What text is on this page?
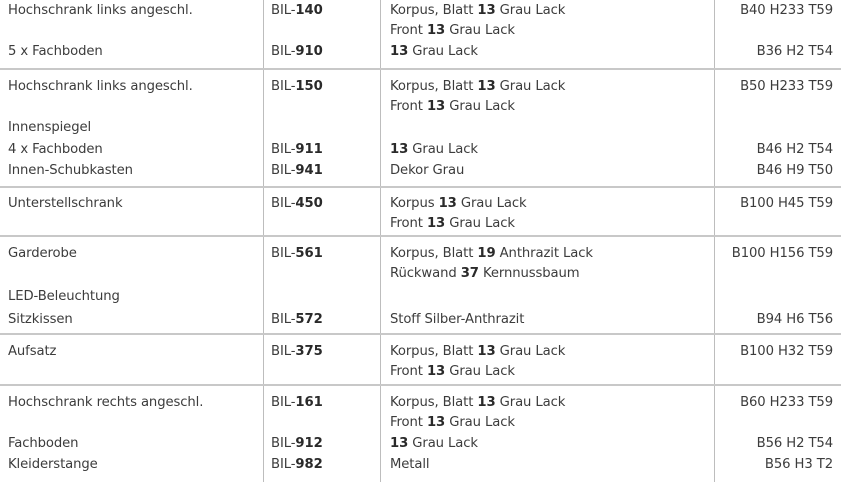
Hochschrank links angeschl.	BIL-140	Korpus, Blatt 13 Grau Lack	B40 H233 T59
Front 13 Grau Lack
5 x Fachboden	BIL-910	13 Grau Lack	B36 H2 T54
Hochschrank links angeschl.	BIL-150	Korpus, Blatt 13 Grau Lack	B50 H233 T59
Front 13 Grau Lack
Innenspiegel
4 x Fachboden	BIL-911	13 Grau Lack	B46 H2 T54
Innen-Schubkasten	BIL-941	Dekor Grau	B46 H9 T50
Unterstellschrank	BIL-450	Korpus 13 Grau Lack	B100 H45 T59
Front 13 Grau Lack
Garderobe	BIL-561	Korpus, Blatt 19 Anthrazit Lack	B100 H156 T59
Rückwand 37 Kernnussbaum
LED-Beleuchtung
Sitzkissen	BIL-572	Stoff Silber-Anthrazit	B94 H6 T56
Aufsatz	BIL-375	Korpus, Blatt 13 Grau Lack	B100 H32 T59
Front 13 Grau Lack
Hochschrank rechts angeschl.	BIL-161	Korpus, Blatt 13 Grau Lack	B60 H233 T59
Front 13 Grau Lack
Fachboden	BIL-912	13 Grau Lack	B56 H2 T54
Kleiderstange	BIL-982	Metall	B56 H3 T2
